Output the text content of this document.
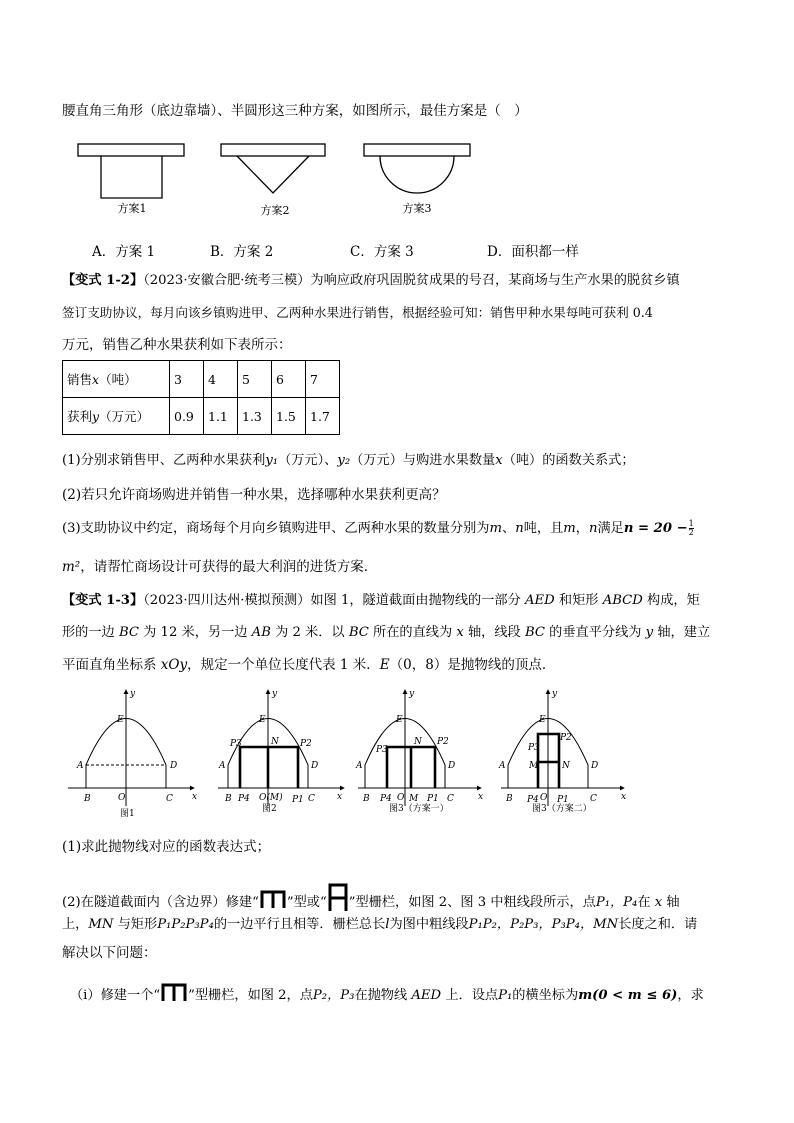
腰直角三角形（底边靠墙）、半圆形这三种方案，如图所示，最佳方案是（　）
方案1	方案2	方案3
A．方案 1	B．方案 2	C．方案 3	D．面积都一样
【变式 1-2】（2023·安徽合肥·统考三模）为响应政府巩固脱贫成果的号召，某商场与生产水果的脱贫乡镇
签订支助协议，每月向该乡镇购进甲、乙两种水果进行销售，根据经验可知：销售甲种水果每吨可获利 0.4
万元，销售乙种水果获利如下表所示：
销售x（吨）	3	4	5	6	7
获利y（万元）	0.9	1.1	1.3	1.5	1.7
(1)分别求销售甲、乙两种水果获利y₁（万元）、y₂（万元）与购进水果数量x（吨）的函数关系式；
(2)若只允许商场购进并销售一种水果，选择哪种水果获利更高？
(3)支助协议中约定，商场每个月向乡镇购进甲、乙两种水果的数量分别为m、n吨，且m，n满足$n = 20 - \frac{1}{2}$
m²，请帮忙商场设计可获得的最大利润的进货方案．
【变式 1-3】（2023·四川达州·模拟预测）如图 1，隧道截面由抛物线的一部分 AED 和矩形 ABCD 构成，矩
形的一边 BC 为 12 米，另一边 AB 为 2 米．以 BC 所在的直线为 x 轴，线段 BC 的垂直平分线为 y 轴，建立
平面直角坐标系 xOy，规定一个单位长度代表 1 米．E（0，8）是抛物线的顶点．
y
E
A	D
B	O	C x
图1
y
E
N
P3	P2
A	D
B P4 O(M) P1 C x
图2
y
E
N
P3
P2
A	D
B P4 O M P1 C	x
图3（方案一）
y
E
P3
P2
M	N
A	D
B P4 O P1 C	x
图3（方案二）
(1)求此抛物线对应的函数表达式；
(2)在隧道截面内（含边界）修建“ ”型或“ ”型栅栏，如图 2、图 3 中粗线段所示，点P₁，P₄在 x 轴
上，MN 与矩形P₁P₂P₃P₄的一边平行且相等．栅栏总长l为图中粗线段P₁P₂，P₂P₃，P₃P₄，MN长度之和．请
解决以下问题：
（ⅰ）修建一个“ ”型栅栏，如图 2，点P₂，P₃在抛物线 AED 上．设点P₁的横坐标为m(0 < m ≤ 6)，求
